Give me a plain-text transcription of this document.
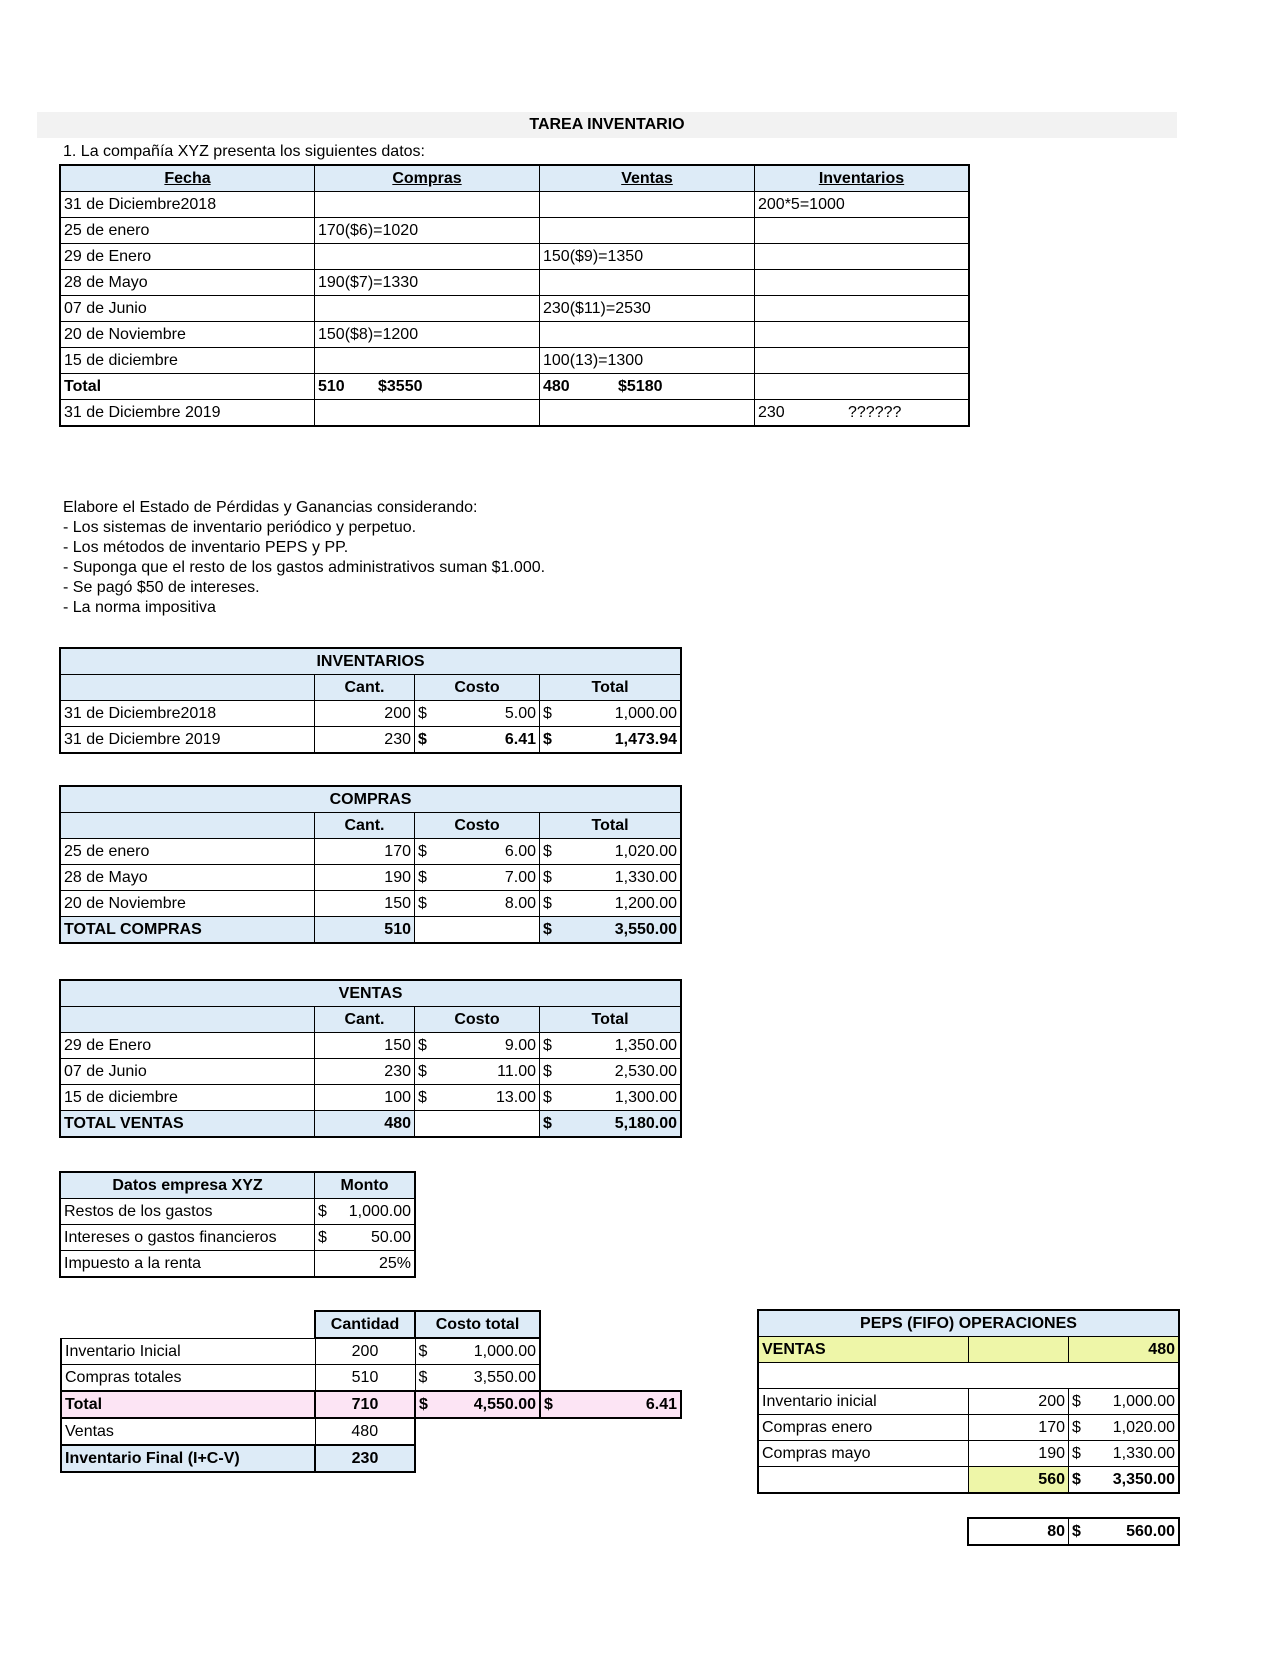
TAREA INVENTARIO
1. La compañía XYZ presenta los siguientes datos:
Fecha	Compras	Ventas	Inventarios
31 de Diciembre2018			200*5=1000
25 de enero	170($6)=1020		
29 de Enero		150($9)=1350	
28 de Mayo	190($7)=1330		
07 de Junio		230($11)=2530	
20 de Noviembre	150($8)=1200		
15 de diciembre		100(13)=1300	
Total	510 $3550	480 $5180	
31 de Diciembre 2019			230 ??????
Elabore el Estado de Pérdidas y Ganancias considerando:
- Los sistemas de inventario periódico y perpetuo.
- Los métodos de inventario PEPS y PP.
- Suponga que el resto de los gastos administrativos suman $1.000.
- Se pagó $50 de intereses.
- La norma impositiva
INVENTARIOS			
	Cant.	Costo	Total
31 de Diciembre2018	200	$ 5.00	$ 1,000.00

31 de Diciembre 2019	230	$ 6.41	$ 1,473.94
COMPRAS			
	Cant.	Costo	Total
25 de enero	170	$ 6.00	$ 1,020.00

28 de Mayo	190	$ 7.00	$ 1,330.00

20 de Noviembre	150	$ 8.00	$ 1,200.00

TOTAL COMPRAS	510		$ 3,550.00
VENTAS			
	Cant.	Costo	Total
29 de Enero	150	$ 9.00	$ 1,350.00

07 de Junio	230	$ 11.00	$ 2,530.00

15 de diciembre	100	$ 13.00	$ 1,300.00

TOTAL VENTAS	480		$ 5,180.00
Datos empresa XYZ	Monto
Restos de los gastos	$ 1,000.00

Intereses o gastos financieros	$ 50.00

Impuesto a la renta	25%
	Cantidad	Costo total	
Inventario Inicial	200	$ 1,000.00	

Compras totales	510	$ 3,550.00	

Total	710	$ 4,550.00	$ 6.41

Ventas	480		
Inventario Final (I+C-V)	230		
PEPS (FIFO) OPERACIONES		
VENTAS		480

Inventario inicial	200	$ 1,000.00

Compras enero	170	$ 1,020.00

Compras mayo	190	$ 1,330.00

	560	$ 3,350.00
80	$	560.00
